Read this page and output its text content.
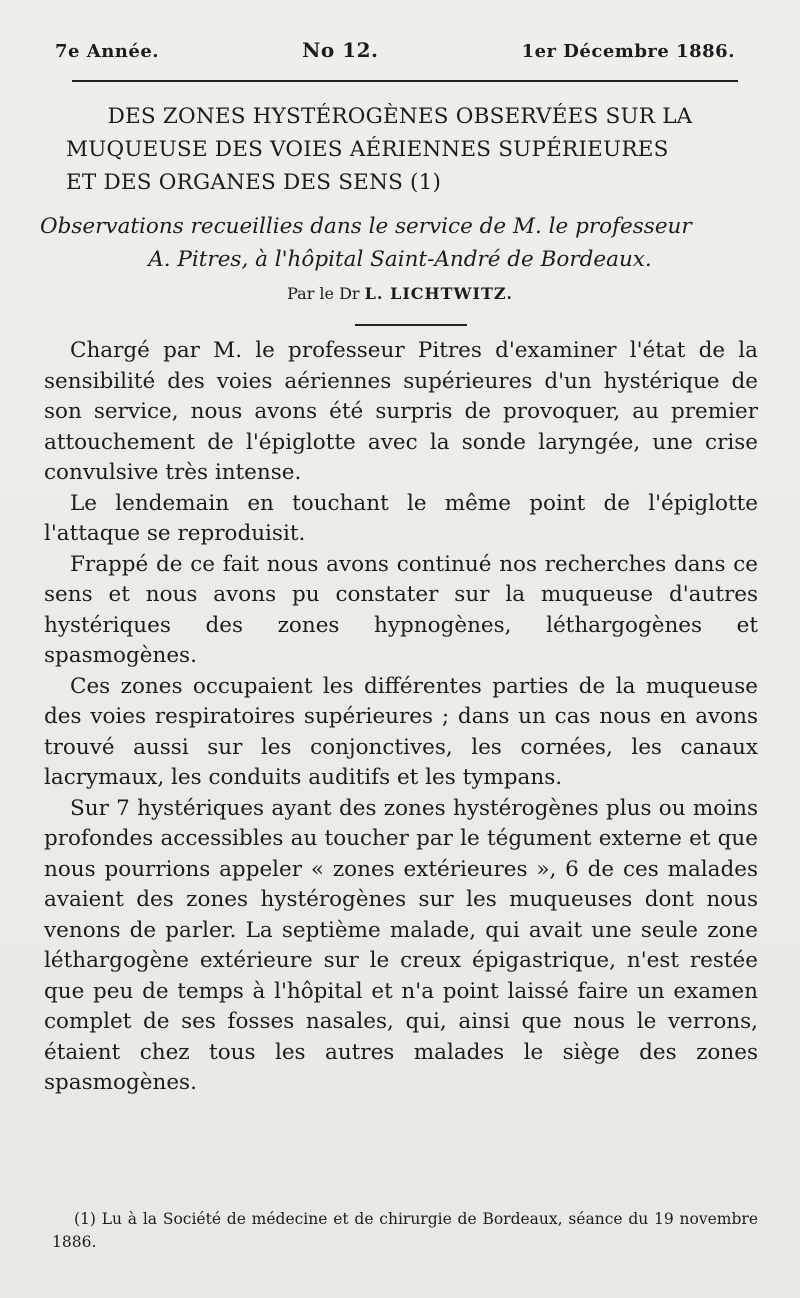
7e Année.	No 12.	1er Décembre 1886.
DES ZONES HYSTÉROGÈNES OBSERVÉES SUR LA
MUQUEUSE DES VOIES AÉRIENNES SUPÉRIEURES
ET DES ORGANES DES SENS (1)
Observations recueillies dans le service de M. le professeur
A. Pitres, à l'hôpital Saint-André de Bordeaux.
Par le Dr L. LICHTWITZ.

Chargé par M. le professeur Pitres d'examiner l'état de la sensibilité des voies aériennes supérieures d'un hystérique de son service, nous avons été surpris de provoquer, au premier attouchement de l'épiglotte avec la sonde laryngée, une crise convulsive très intense.

Le lendemain en touchant le même point de l'épiglotte l'attaque se reproduisit.

Frappé de ce fait nous avons continué nos recherches dans ce sens et nous avons pu constater sur la muqueuse d'autres hystériques des zones hypnogènes, léthargogènes et spasmogènes.

Ces zones occupaient les différentes parties de la muqueuse des voies respiratoires supérieures ; dans un cas nous en avons trouvé aussi sur les conjonctives, les cornées, les canaux lacrymaux, les conduits auditifs et les tympans.

Sur 7 hystériques ayant des zones hystérogènes plus ou moins profondes accessibles au toucher par le tégument externe et que nous pourrions appeler « zones extérieures », 6 de ces malades avaient des zones hystérogènes sur les muqueuses dont nous venons de parler. La septième malade, qui avait une seule zone léthargogène extérieure sur le creux épigastrique, n'est restée que peu de temps à l'hôpital et n'a point laissé faire un examen complet de ses fosses nasales, qui, ainsi que nous le verrons, étaient chez tous les autres malades le siège des zones spasmogènes.

(1) Lu à la Société de médecine et de chirurgie de Bordeaux, séance du 19 novembre 1886.
